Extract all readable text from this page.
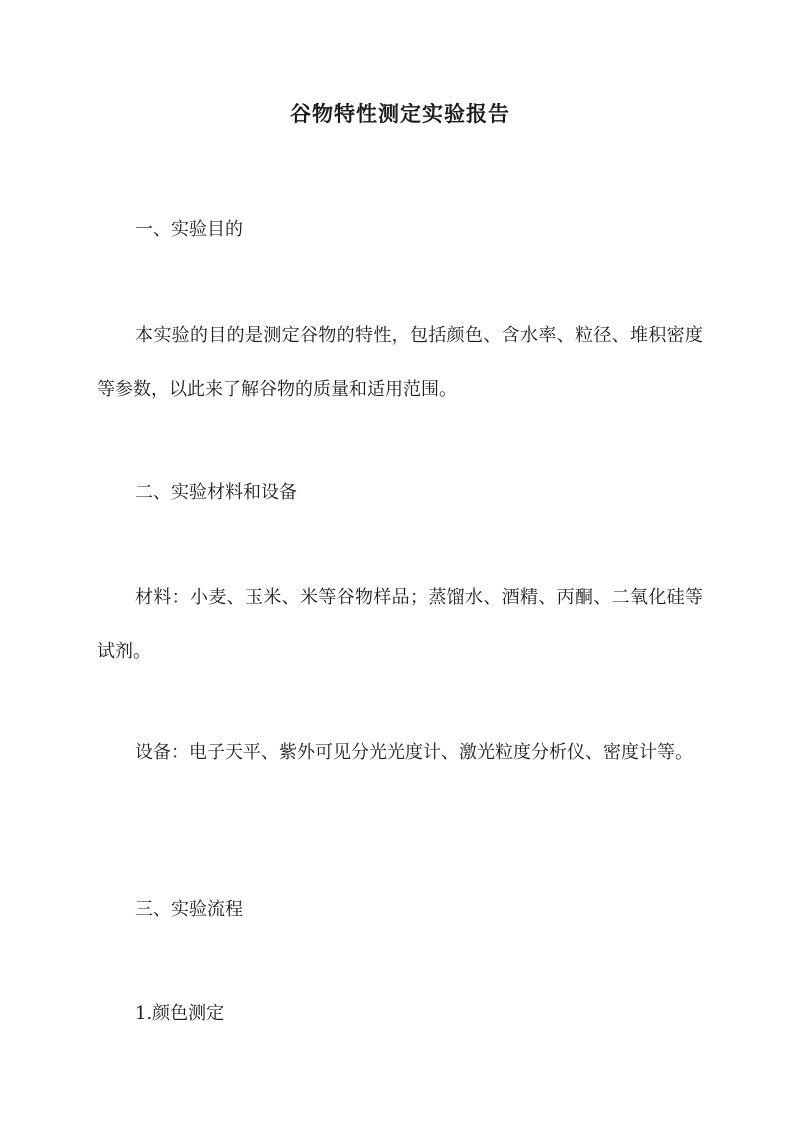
谷物特性测定实验报告
一、实验目的
本实验的目的是测定谷物的特性，包括颜色、含水率、粒径、堆积密度等参数，以此来了解谷物的质量和适用范围。
二、实验材料和设备
材料：小麦、玉米、米等谷物样品；蒸馏水、酒精、丙酮、二氧化硅等试剂。
设备：电子天平、紫外可见分光光度计、激光粒度分析仪、密度计等。
三、实验流程
1.颜色测定
